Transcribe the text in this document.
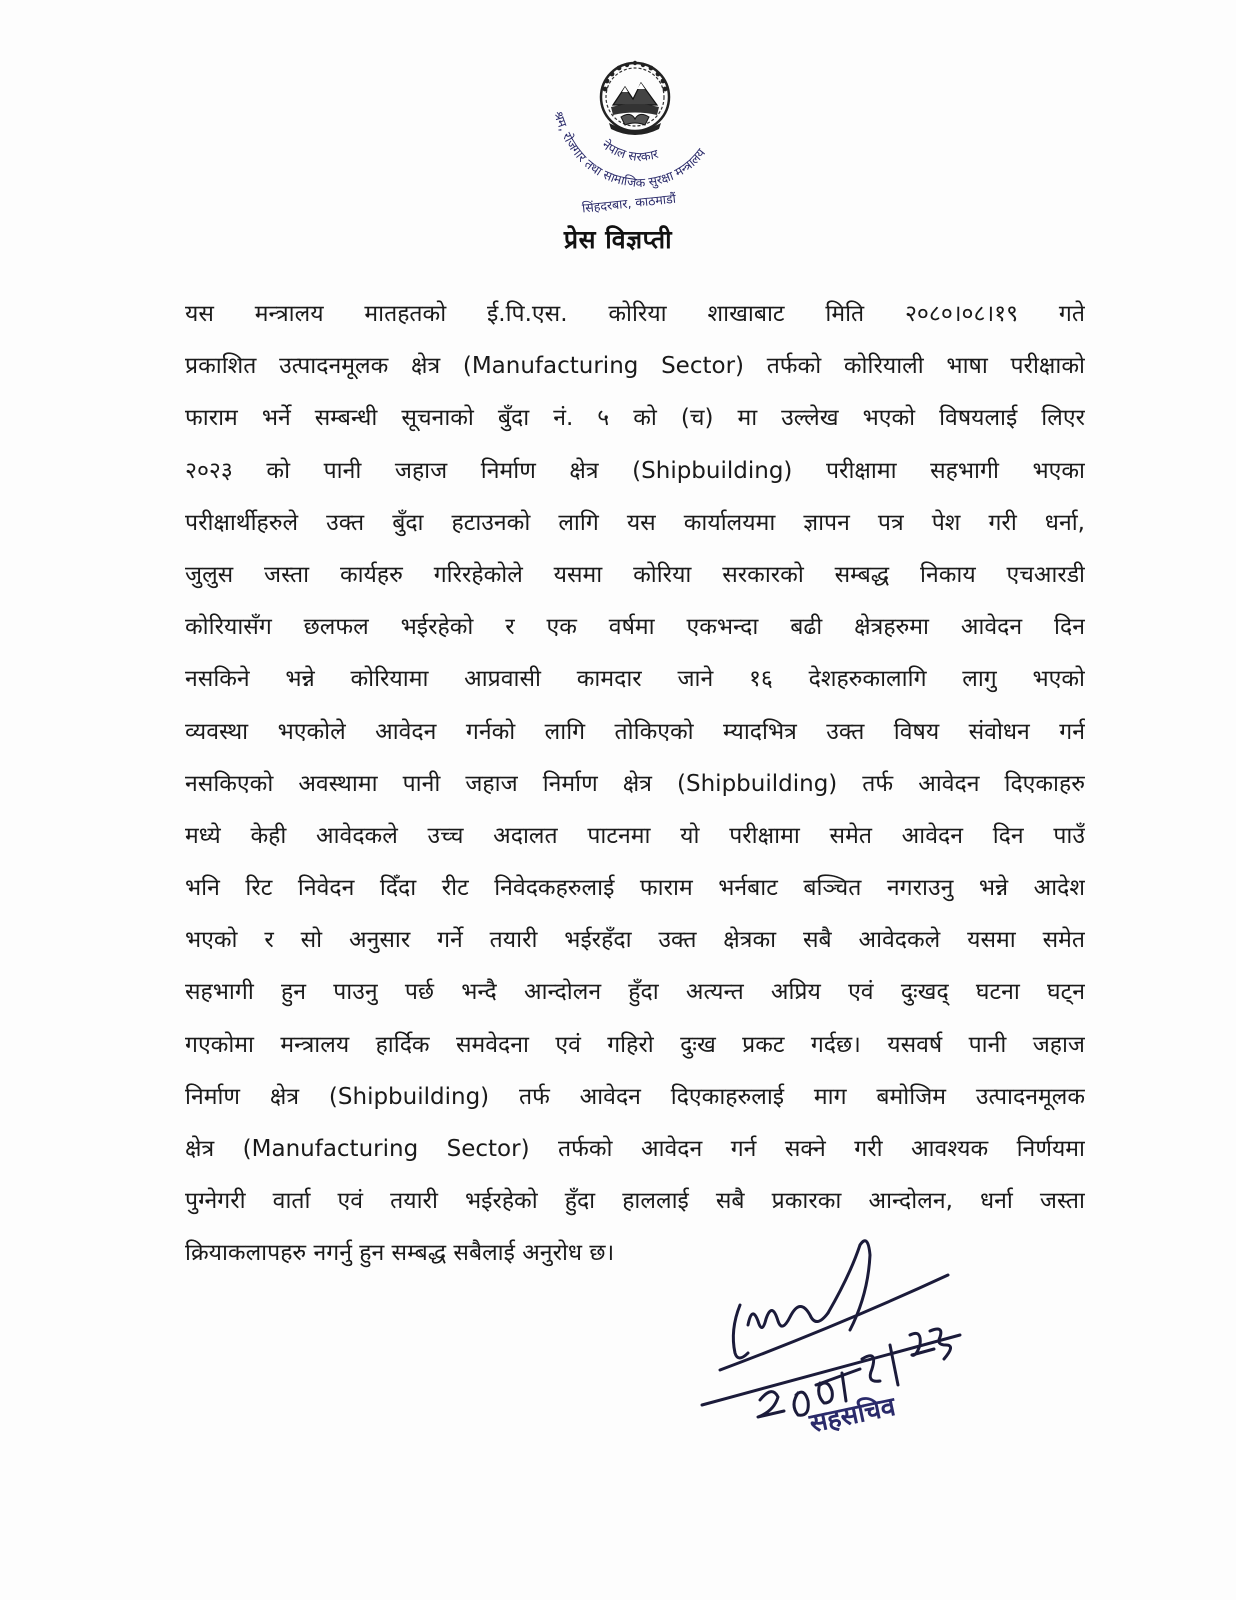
श्रम, रोजगार तथा सामाजिक सुरक्षा मन्त्रालय
नेपाल सरकार
सिंहदरबार, काठमाडौं
प्रेस विज्ञप्ती
यस मन्त्रालय मातहतको ई.पि.एस. कोरिया शाखाबाट मिति २०८०।०८।१९ गते
प्रकाशित उत्पादनमूलक क्षेत्र (Manufacturing Sector) तर्फको कोरियाली भाषा परीक्षाको
फाराम भर्ने सम्बन्धी सूचनाको बुँदा नं. ५ को (च) मा उल्लेख भएको विषयलाई लिएर
२०२३ को पानी जहाज निर्माण क्षेत्र (Shipbuilding) परीक्षामा सहभागी भएका
परीक्षार्थीहरुले उक्त बुँदा हटाउनको लागि यस कार्यालयमा ज्ञापन पत्र पेश गरी धर्ना,
जुलुस जस्ता कार्यहरु गरिरहेकोले यसमा कोरिया सरकारको सम्बद्ध निकाय एचआरडी
कोरियासँग छलफल भईरहेको र एक वर्षमा एकभन्दा बढी क्षेत्रहरुमा आवेदन दिन
नसकिने भन्ने कोरियामा आप्रवासी कामदार जाने १६ देशहरुकालागि लागु भएको
व्यवस्था भएकोले आवेदन गर्नको लागि तोकिएको म्यादभित्र उक्त विषय संवोधन गर्न
नसकिएको अवस्थामा पानी जहाज निर्माण क्षेत्र (Shipbuilding) तर्फ आवेदन दिएकाहरु
मध्ये केही आवेदकले उच्च अदालत पाटनमा यो परीक्षामा समेत आवेदन दिन पाउँ
भनि रिट निवेदन दिँदा रीट निवेदकहरुलाई फाराम भर्नबाट बञ्चित नगराउनु भन्ने आदेश
भएको र सो अनुसार गर्ने तयारी भईरहँदा उक्त क्षेत्रका सबै आवेदकले यसमा समेत
सहभागी हुन पाउनु पर्छ भन्दै आन्दोलन हुँदा अत्यन्त अप्रिय एवं दुःखद् घटना घट्न
गएकोमा मन्त्रालय हार्दिक समवेदना एवं गहिरो दुःख प्रकट गर्दछ। यसवर्ष पानी जहाज
निर्माण क्षेत्र (Shipbuilding) तर्फ आवेदन दिएकाहरुलाई माग बमोजिम उत्पादनमूलक
क्षेत्र (Manufacturing Sector) तर्फको आवेदन गर्न सक्ने गरी आवश्यक निर्णयमा
पुग्नेगरी वार्ता एवं तयारी भईरहेको हुँदा हाललाई सबै प्रकारका आन्दोलन, धर्ना जस्ता
क्रियाकलापहरु नगर्नु हुन सम्बद्ध सबैलाई अनुरोध छ।
सहसचिव
